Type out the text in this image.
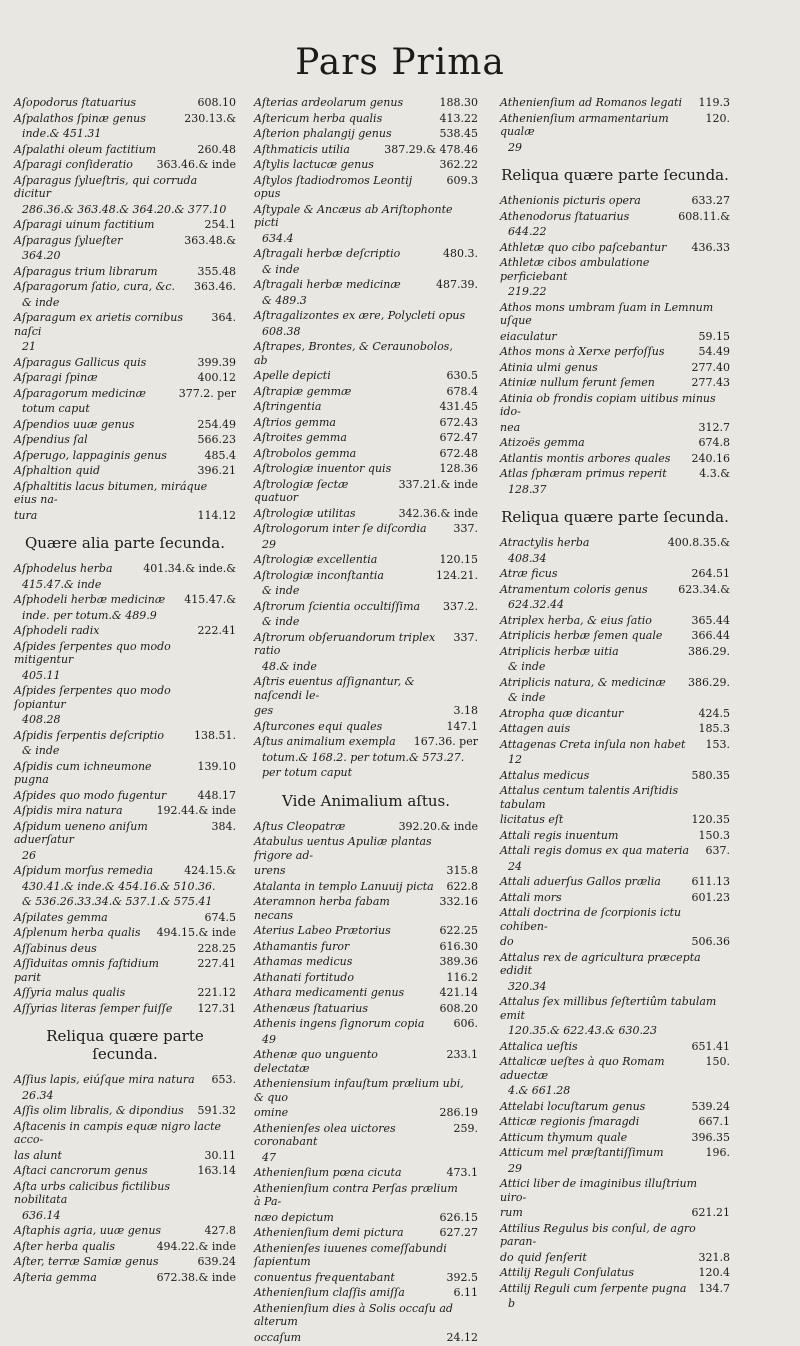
Pars Prima
Aſopodorus ſtatuarius	608.10
Aſpalathos ſpinæ genus	230.13.&
inde.& 451.31
Aſpalathi oleum factitium	260.48
Aſparagi conſideratio	363.46.& inde
Aſparagus ſylueſtris, qui corruda dicitur
286.36.& 363.48.& 364.20.& 377.10
Aſparagi uinum factitium	254.1
Aſparagus ſylueſter	363.48.&
364.20
Aſparagus trium librarum	355.48
Aſparagorum ſatio, cura, &c.	363.46.
& inde
Aſparagum ex arietis cornibus naſci
364.
21
Aſparagus Gallicus quis	399.39
Aſparagi ſpinæ	400.12
Aſparagorum medicinæ	377.2. per
totum caput
Aſpendios uuæ genus	254.49
Aſpendius ſal	566.23
Aſperugo, lappaginis genus	485.4
Aſphaltion quid	396.21
Aſphaltitis lacus bitumen, miráque eius na-
tura	114.12
Quære alia parte ſecunda.
Aſphodelus herba	401.34.& inde.&
415.47.& inde
Aſphodeli herbæ medicinæ	415.47.&
inde. per totum.& 489.9
Aſphodeli radix	222.41
Aſpides ſerpentes quo modo mitigentur
405.11
Aſpides ſerpentes quo modo ſopiantur
408.28
Aſpidis ſerpentis deſcriptio	138.51.
& inde
Aſpidis cum ichneumone pugna
139.10
Aſpides quo modo fugentur	448.17
Aſpidis mira natura	192.44.& inde
Aſpidum ueneno aniſum aduerſatur
384.
26
Aſpidum morſus remedia	424.15.&
430.41.& inde.& 454.16.& 510.36.
& 536.26.33.34.& 537.1.& 575.41
Aſpilates gemma	674.5
Aſplenum herba qualis	494.15.& inde
Aſſabinus deus	228.25
Aſſiduitas omnis faſtidium parit
227.41
Aſſyria malus qualis	221.12
Aſſyrias literas ſemper fuiſſe	127.31
Reliqua quære parte ſecunda.
Aſſius lapis, eiúſque mira natura	653.
26.34
Aſſis olim libralis, & dipondius	591.32
Aſtacenis in campis equæ nigro lacte acco-
las alunt	30.11
Aſtaci cancrorum genus	163.14
Aſta urbs calicibus fictilibus nobilitata
636.14
Aſtaphis agria, uuæ genus	427.8
Aſter herba qualis	494.22.& inde
Aſter, terræ Samiæ genus	639.24
Aſteria gemma	672.38.& inde
Aſterias ardeolarum genus	188.30
Aſtericum herba qualis	413.22
Aſterion phalangij genus	538.45
Aſthmaticis utilia	387.29.& 478.46
Aſtylis lactucæ genus	362.22
Aſtylos ſtadiodromos Leontij opus
609.3
Aſtypale & Ancæus ab Ariſtophonte picti
634.4
Aſtragali herbæ deſcriptio	480.3.
& inde
Aſtragali herbæ medicinæ	487.39.
& 489.3
Aſtragalizontes ex ære, Polycleti opus
608.38
Aſtrapes, Brontes, & Ceraunobolos, ab
Apelle depicti	630.5
Aſtrapiæ gemmæ	678.4
Aſtringentia	431.45
Aſtrios gemma	672.43
Aſtroites gemma	672.47
Aſtrobolos gemma	672.48
Aſtrologiæ inuentor quis	128.36
Aſtrologiæ ſectæ quatuor
337.21.& inde
Aſtrologiæ utilitas	342.36.& inde
Aſtrologorum inter ſe diſcordia	337.
29
Aſtrologiæ excellentia	120.15
Aſtrologiæ inconſtantia	124.21.
& inde
Aſtrorum ſcientia occultiſſima	337.2.
& inde
Aſtrorum obſeruandorum triplex ratio
337.
48.& inde
Aſtris euentus aſſignantur, & naſcendi le-
ges	3.18
Aſturcones equi quales	147.1
Aſtus animalium exempla	167.36. per
totum.& 168.2. per totum.& 573.27.
per totum caput
Vide Animalium aſtus.
Aſtus Cleopatræ	392.20.& inde
Atabulus uentus Apuliæ plantas frigore ad-
urens	315.8
Atalanta in templo Lanuuij picta	622.8
Ateramnon herba fabam necans
332.16
Aterius Labeo Prætorius	622.25
Athamantis furor	616.30
Athamas medicus	389.36
Athanati fortitudo	116.2
Athara medicamenti genus	421.14
Athenæus ſtatuarius	608.20
Athenis ingens ſignorum copia	606.
49
Athenæ quo unguento delectatæ
233.1
Atheniensium infauſtum prælium ubi, & quo
omine	286.19
Athenienſes olea uictores coronabant
259.
47
Athenienſium pœna cicuta	473.1
Athenienſium contra Perſas prælium à Pa-
næo depictum	626.15
Athenienſium demi pictura	627.27
Athenienſes iuuenes comeſſabundi ſapientum
conuentus frequentabant	392.5
Athenienſium claſſis amiſſa	6.11
Athenienſium dies à Solis occaſu ad alterum
occaſum	24.12
Athenienſium ad Romanos legati	119.3
Athenienſium armamentarium qualæ
120.
29
Reliqua quære parte ſecunda.
Athenionis picturis opera	633.27
Athenodorus ſtatuarius	608.11.&
644.22
Athletæ quo cibo paſcebantur	436.33
Athletæ cibos ambulatione perficiebant
219.22
Athos mons umbram ſuam in Lemnum uſque
eiaculatur	59.15
Athos mons à Xerxe perfoſſus	54.49
Atinia ulmi genus	277.40
Atiniæ nullum ferunt ſemen	277.43
Atinia ob frondis copiam uitibus minus ido-
nea	312.7
Atizoës gemma	674.8
Atlantis montis arbores quales	240.16
Atlas ſphæram primus reperit	4.3.&
128.37
Reliqua quære parte ſecunda.
Atractylis herba	400.8.35.&
408.34
Atræ ficus	264.51
Atramentum coloris genus	623.34.&
624.32.44
Atriplex herba, & eius ſatio	365.44
Atriplicis herbæ ſemen quale	366.44
Atriplicis herbæ uitia	386.29.
& inde
Atriplicis natura, & medicinæ	386.29.
& inde
Atropha quæ dicantur	424.5
Attagen auis	185.3
Attagenas Creta inſula non habet	153.
12
Attalus medicus	580.35
Attalus centum talentis Ariſtidis tabulam
licitatus eſt	120.35
Attali regis inuentum	150.3
Attali regis domus ex qua materia	637.
24
Attali aduerſus Gallos prælia	611.13
Attali mors	601.23
Attali doctrina de ſcorpionis ictu cohiben-
do	506.36
Attalus rex de agricultura præcepta edidit
320.34
Attalus ſex millibus ſeſtertiûm tabulam emit
120.35.& 622.43.& 630.23
Attalica ueſtis	651.41
Attalicæ ueſtes à quo Romam aduectæ
150.
4.& 661.28
Attelabi locuſtarum genus	539.24
Atticæ regionis ſmaragdi	667.1
Atticum thymum quale	396.35
Atticum mel præſtantiſſimum	196.
29
Attici liber de imaginibus illuſtrium uiro-
rum	621.21
Attilius Regulus bis conſul, de agro paran-
do quid ſenſerit	321.8
Attilij Reguli Conſulatus	120.4
Attilij Reguli cum ſerpente pugna	134.7
b
